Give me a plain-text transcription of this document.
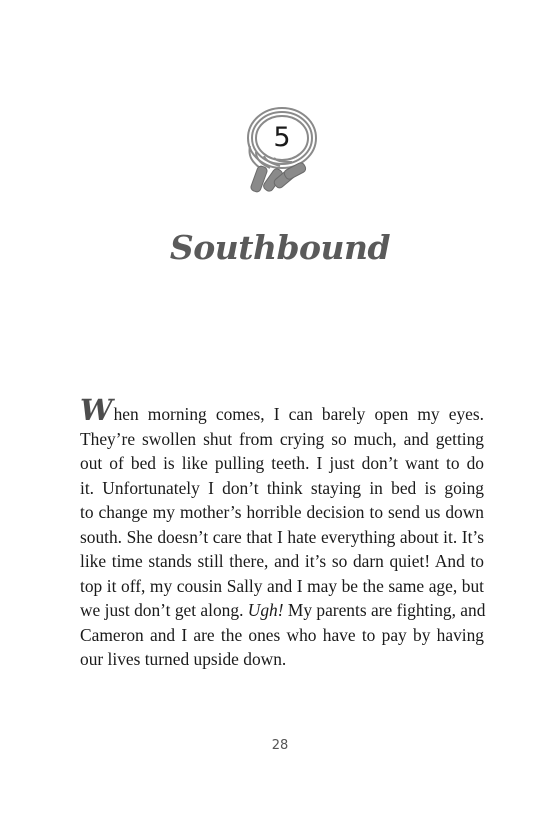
5
Southbound
When morning comes, I can barely open my eyes.
They’re swollen shut from crying so much, and getting
out of bed is like pulling teeth. I just don’t want to do
it. Unfortunately I don’t think staying in bed is going
to change my mother’s horrible decision to send us down
south. She doesn’t care that I hate everything about it. It’s
like time stands still there, and it’s so darn quiet! And to
top it off, my cousin Sally and I may be the same age, but
we just don’t get along. Ugh! My parents are fighting, and
Cameron and I are the ones who have to pay by having
our lives turned upside down.
28
